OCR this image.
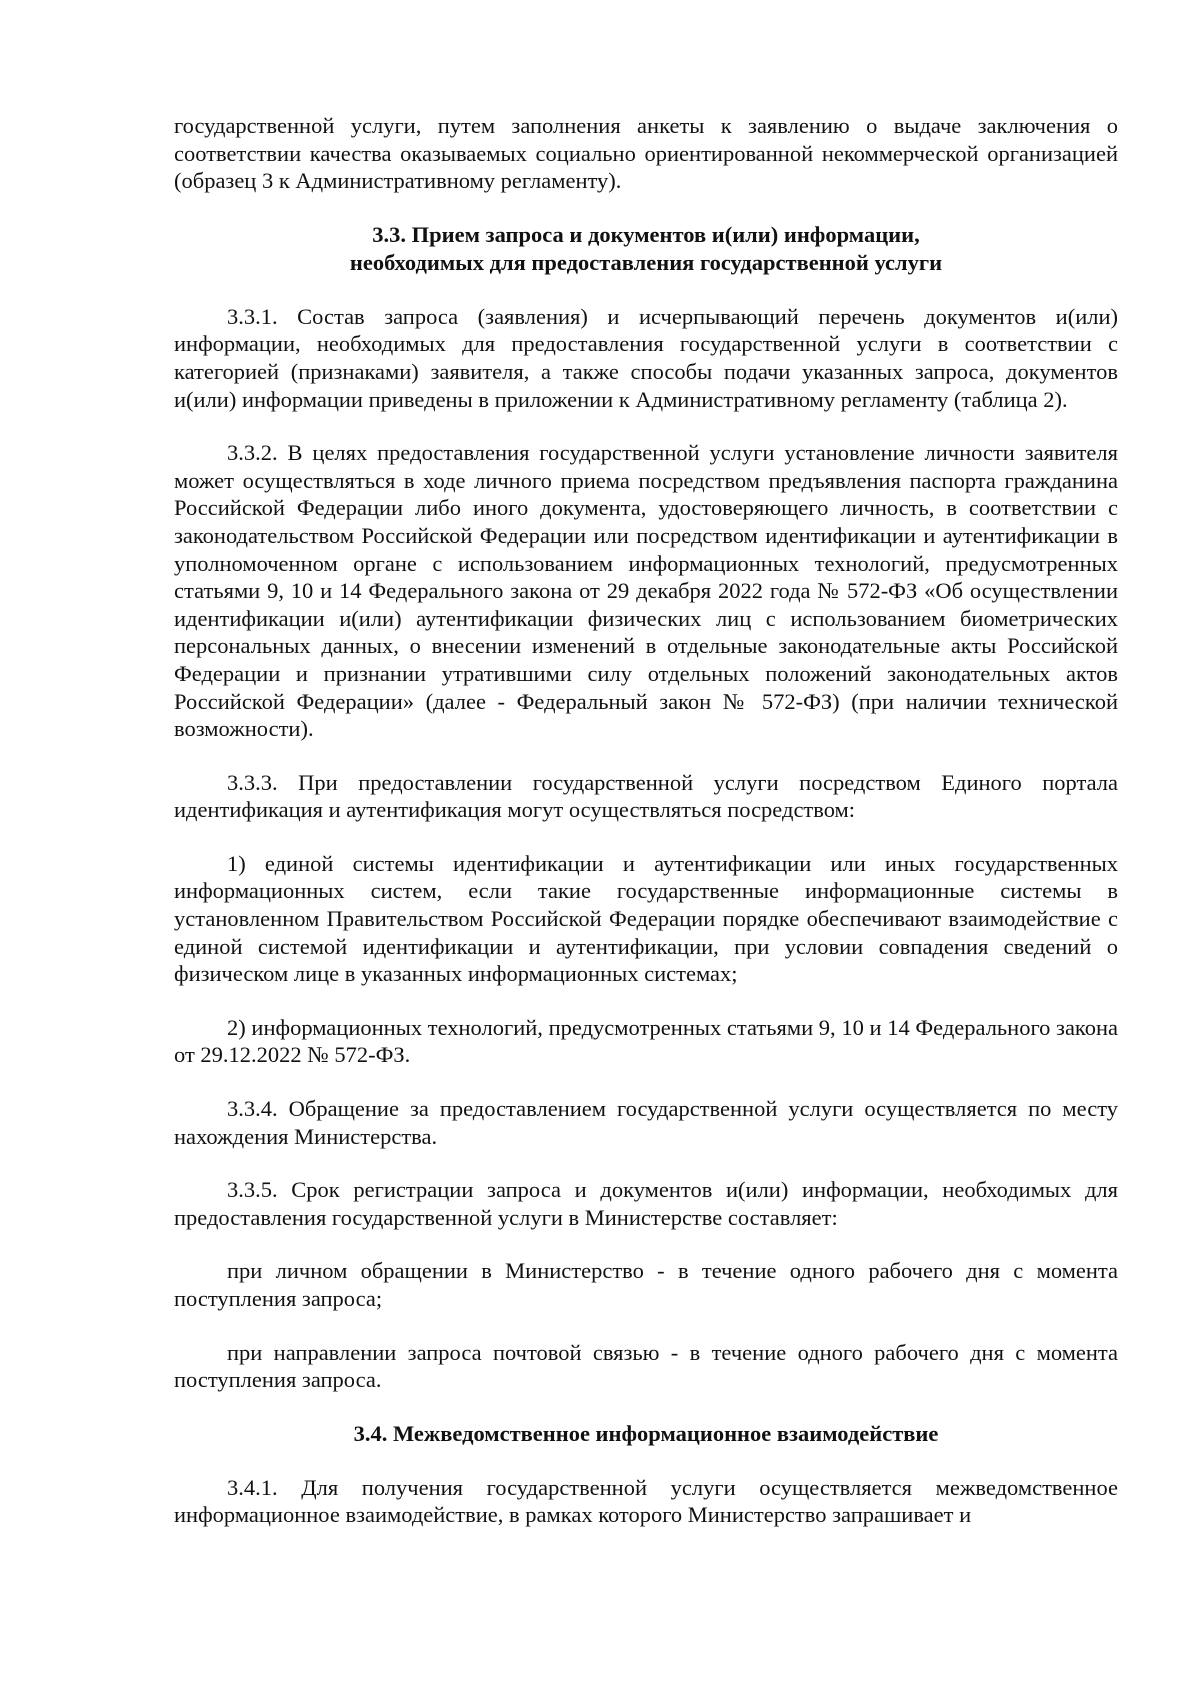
государственной услуги, путем заполнения анкеты к заявлению о выдаче заключения о соответствии качества оказываемых социально ориентированной некоммерческой организацией (образец 3 к Административному регламенту).

3.3. Прием запроса и документов и(или) информации,

необходимых для предоставления государственной услуги

3.3.1. Состав запроса (заявления) и исчерпывающий перечень документов и(или) информации, необходимых для предоставления государственной услуги в соответствии с категорией (признаками) заявителя, а также способы подачи указанных запроса, документов и(или) информации приведены в приложении к Административному регламенту (таблица 2).

3.3.2. В целях предоставления государственной услуги установление личности заявителя может осуществляться в ходе личного приема посредством предъявления паспорта гражданина Российской Федерации либо иного документа, удостоверяющего личность, в соответствии с законодательством Российской Федерации или посредством идентификации и аутентификации в уполномоченном органе с использованием информационных технологий, предусмотренных статьями 9, 10 и 14 Федерального закона от 29 декабря 2022 года № 572-ФЗ «Об осуществлении идентификации и(или) аутентификации физических лиц с использованием биометрических персональных данных, о внесении изменений в отдельные законодательные акты Российской Федерации и признании утратившими силу отдельных положений законодательных актов Российской Федерации» (далее - Федеральный закон № 572-ФЗ) (при наличии технической возможности).

3.3.3. При предоставлении государственной услуги посредством Единого портала идентификация и аутентификация могут осуществляться посредством:

1) единой системы идентификации и аутентификации или иных государственных информационных систем, если такие государственные информационные системы в установленном Правительством Российской Федерации порядке обеспечивают взаимодействие с единой системой идентификации и аутентификации, при условии совпадения сведений о физическом лице в указанных информационных системах;

2) информационных технологий, предусмотренных статьями 9, 10 и 14 Федерального закона от 29.12.2022 № 572-ФЗ.

3.3.4. Обращение за предоставлением государственной услуги осуществляется по месту нахождения Министерства.

3.3.5. Срок регистрации запроса и документов и(или) информации, необходимых для предоставления государственной услуги в Министерстве составляет:

при личном обращении в Министерство - в течение одного рабочего дня с момента поступления запроса;

при направлении запроса почтовой связью - в течение одного рабочего дня с момента поступления запроса.

3.4. Межведомственное информационное взаимодействие

3.4.1. Для получения государственной услуги осуществляется межведомственное информационное взаимодействие, в рамках которого Министерство запрашивает и
